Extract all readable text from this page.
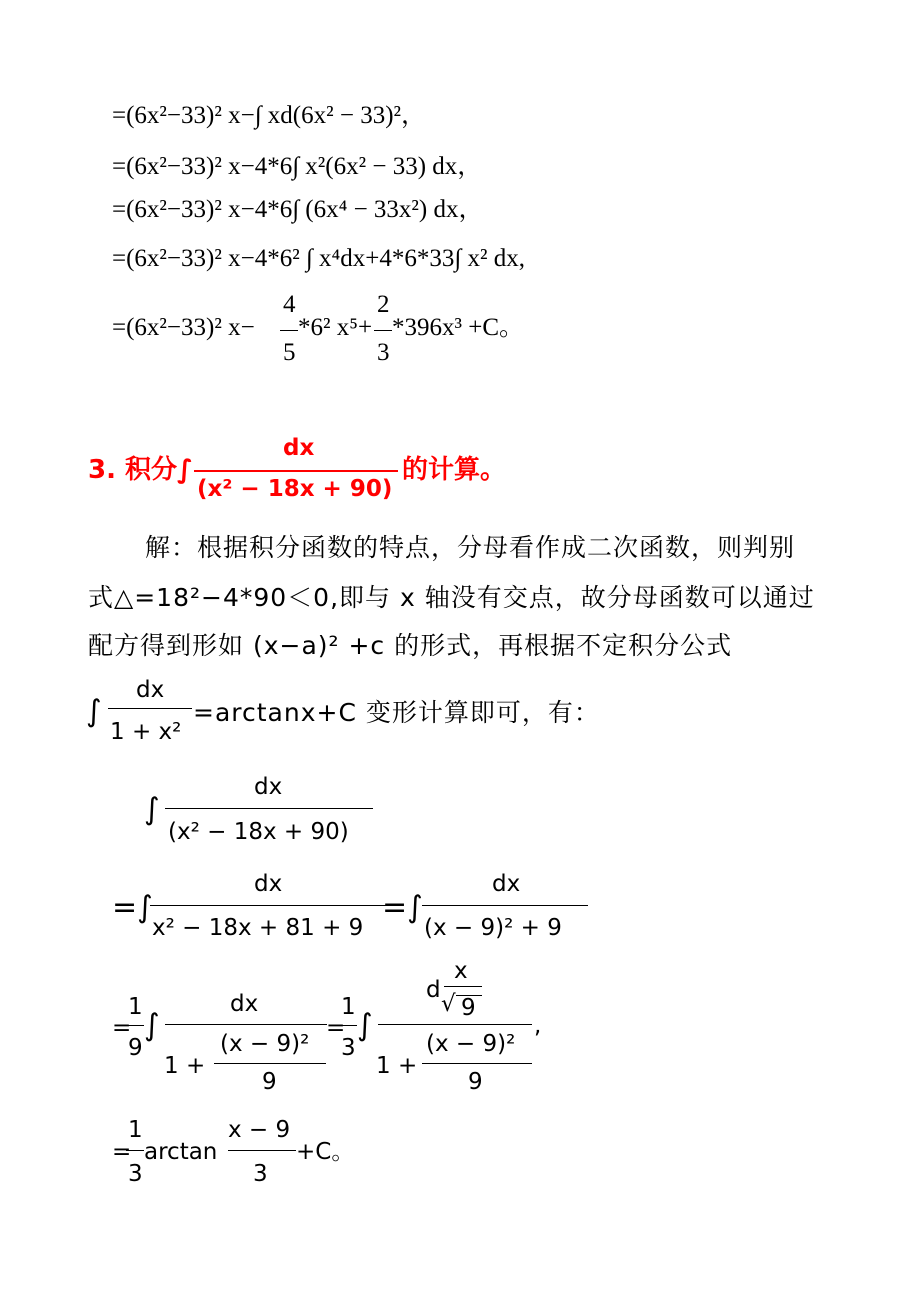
=(6x²−33)² x−∫ xd(6x² − 33)²，
=(6x²−33)² x−4*6∫ x²(6x² − 33) dx，
=(6x²−33)² x−4*6∫ (6x⁴ − 33x²) dx，
=(6x²−33)² x−4*6² ∫ x⁴dx+4*6*33∫ x² dx,
=(6x²−33)² x−
4
5
*6² x⁵+
2
3
*396x³ +C。
3. 积分∫
dx
(x² − 18x + 90)
的计算。
解：根据积分函数的特点，分母看作成二次函数，则判别
式△=18²−4*90＜0,即与 x 轴没有交点，故分母函数可以通过
配方得到形如 (x−a)² +c 的形式，再根据不定积分公式
∫
dx
1 + x²
=arctanx+C 变形计算即可，有：
∫
dx
(x² − 18x + 90)
=∫
dx
x² − 18x + 81 + 9
=∫
dx
(x − 9)² + 9
=
1
9
∫
dx
1 +
(x − 9)²
9
=
1
3
∫
d
x
√ 9
1 +
(x − 9)²
9
,
=
1
3
arctan
x − 9
3
+C。
